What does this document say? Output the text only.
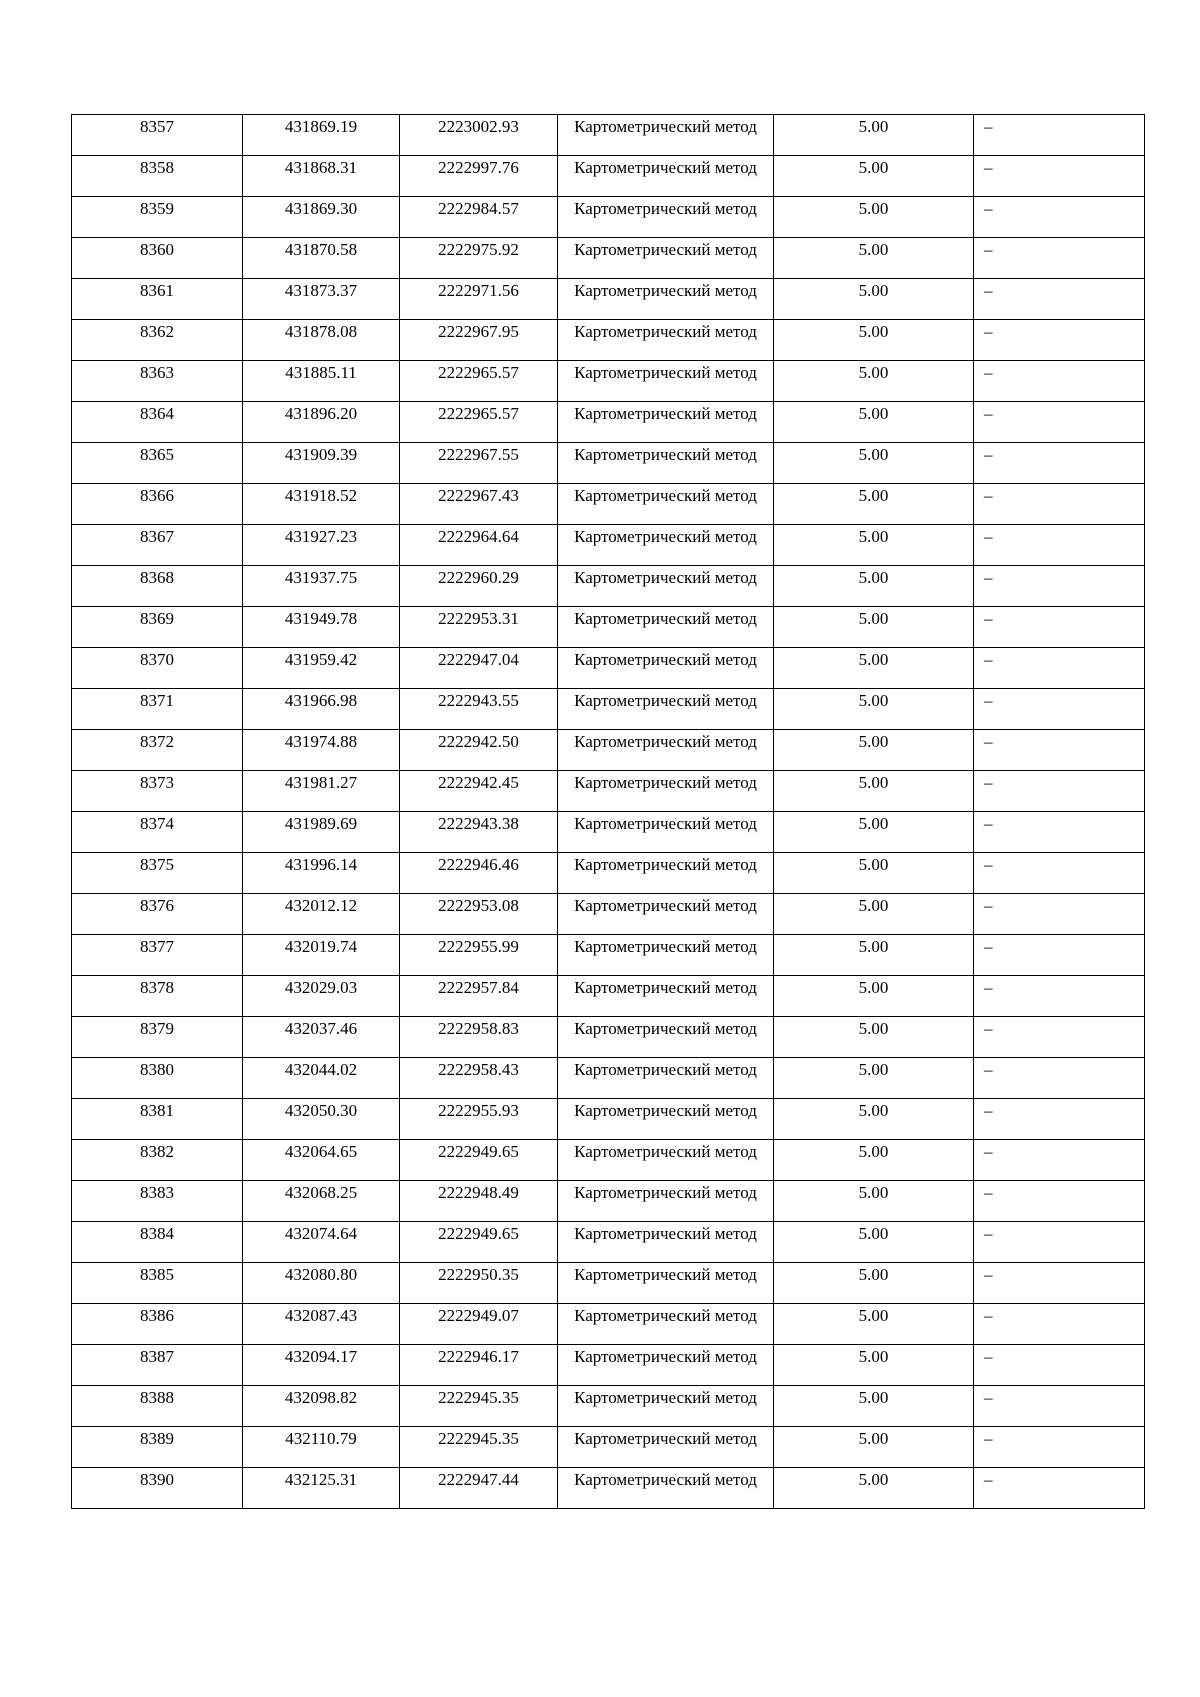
8357	431869.19	2223002.93	Картометрический метод	5.00	–
8358	431868.31	2222997.76	Картометрический метод	5.00	–
8359	431869.30	2222984.57	Картометрический метод	5.00	–
8360	431870.58	2222975.92	Картометрический метод	5.00	–
8361	431873.37	2222971.56	Картометрический метод	5.00	–
8362	431878.08	2222967.95	Картометрический метод	5.00	–
8363	431885.11	2222965.57	Картометрический метод	5.00	–
8364	431896.20	2222965.57	Картометрический метод	5.00	–
8365	431909.39	2222967.55	Картометрический метод	5.00	–
8366	431918.52	2222967.43	Картометрический метод	5.00	–
8367	431927.23	2222964.64	Картометрический метод	5.00	–
8368	431937.75	2222960.29	Картометрический метод	5.00	–
8369	431949.78	2222953.31	Картометрический метод	5.00	–
8370	431959.42	2222947.04	Картометрический метод	5.00	–
8371	431966.98	2222943.55	Картометрический метод	5.00	–
8372	431974.88	2222942.50	Картометрический метод	5.00	–
8373	431981.27	2222942.45	Картометрический метод	5.00	–
8374	431989.69	2222943.38	Картометрический метод	5.00	–
8375	431996.14	2222946.46	Картометрический метод	5.00	–
8376	432012.12	2222953.08	Картометрический метод	5.00	–
8377	432019.74	2222955.99	Картометрический метод	5.00	–
8378	432029.03	2222957.84	Картометрический метод	5.00	–
8379	432037.46	2222958.83	Картометрический метод	5.00	–
8380	432044.02	2222958.43	Картометрический метод	5.00	–
8381	432050.30	2222955.93	Картометрический метод	5.00	–
8382	432064.65	2222949.65	Картометрический метод	5.00	–
8383	432068.25	2222948.49	Картометрический метод	5.00	–
8384	432074.64	2222949.65	Картометрический метод	5.00	–
8385	432080.80	2222950.35	Картометрический метод	5.00	–
8386	432087.43	2222949.07	Картометрический метод	5.00	–
8387	432094.17	2222946.17	Картометрический метод	5.00	–
8388	432098.82	2222945.35	Картометрический метод	5.00	–
8389	432110.79	2222945.35	Картометрический метод	5.00	–
8390	432125.31	2222947.44	Картометрический метод	5.00	–
